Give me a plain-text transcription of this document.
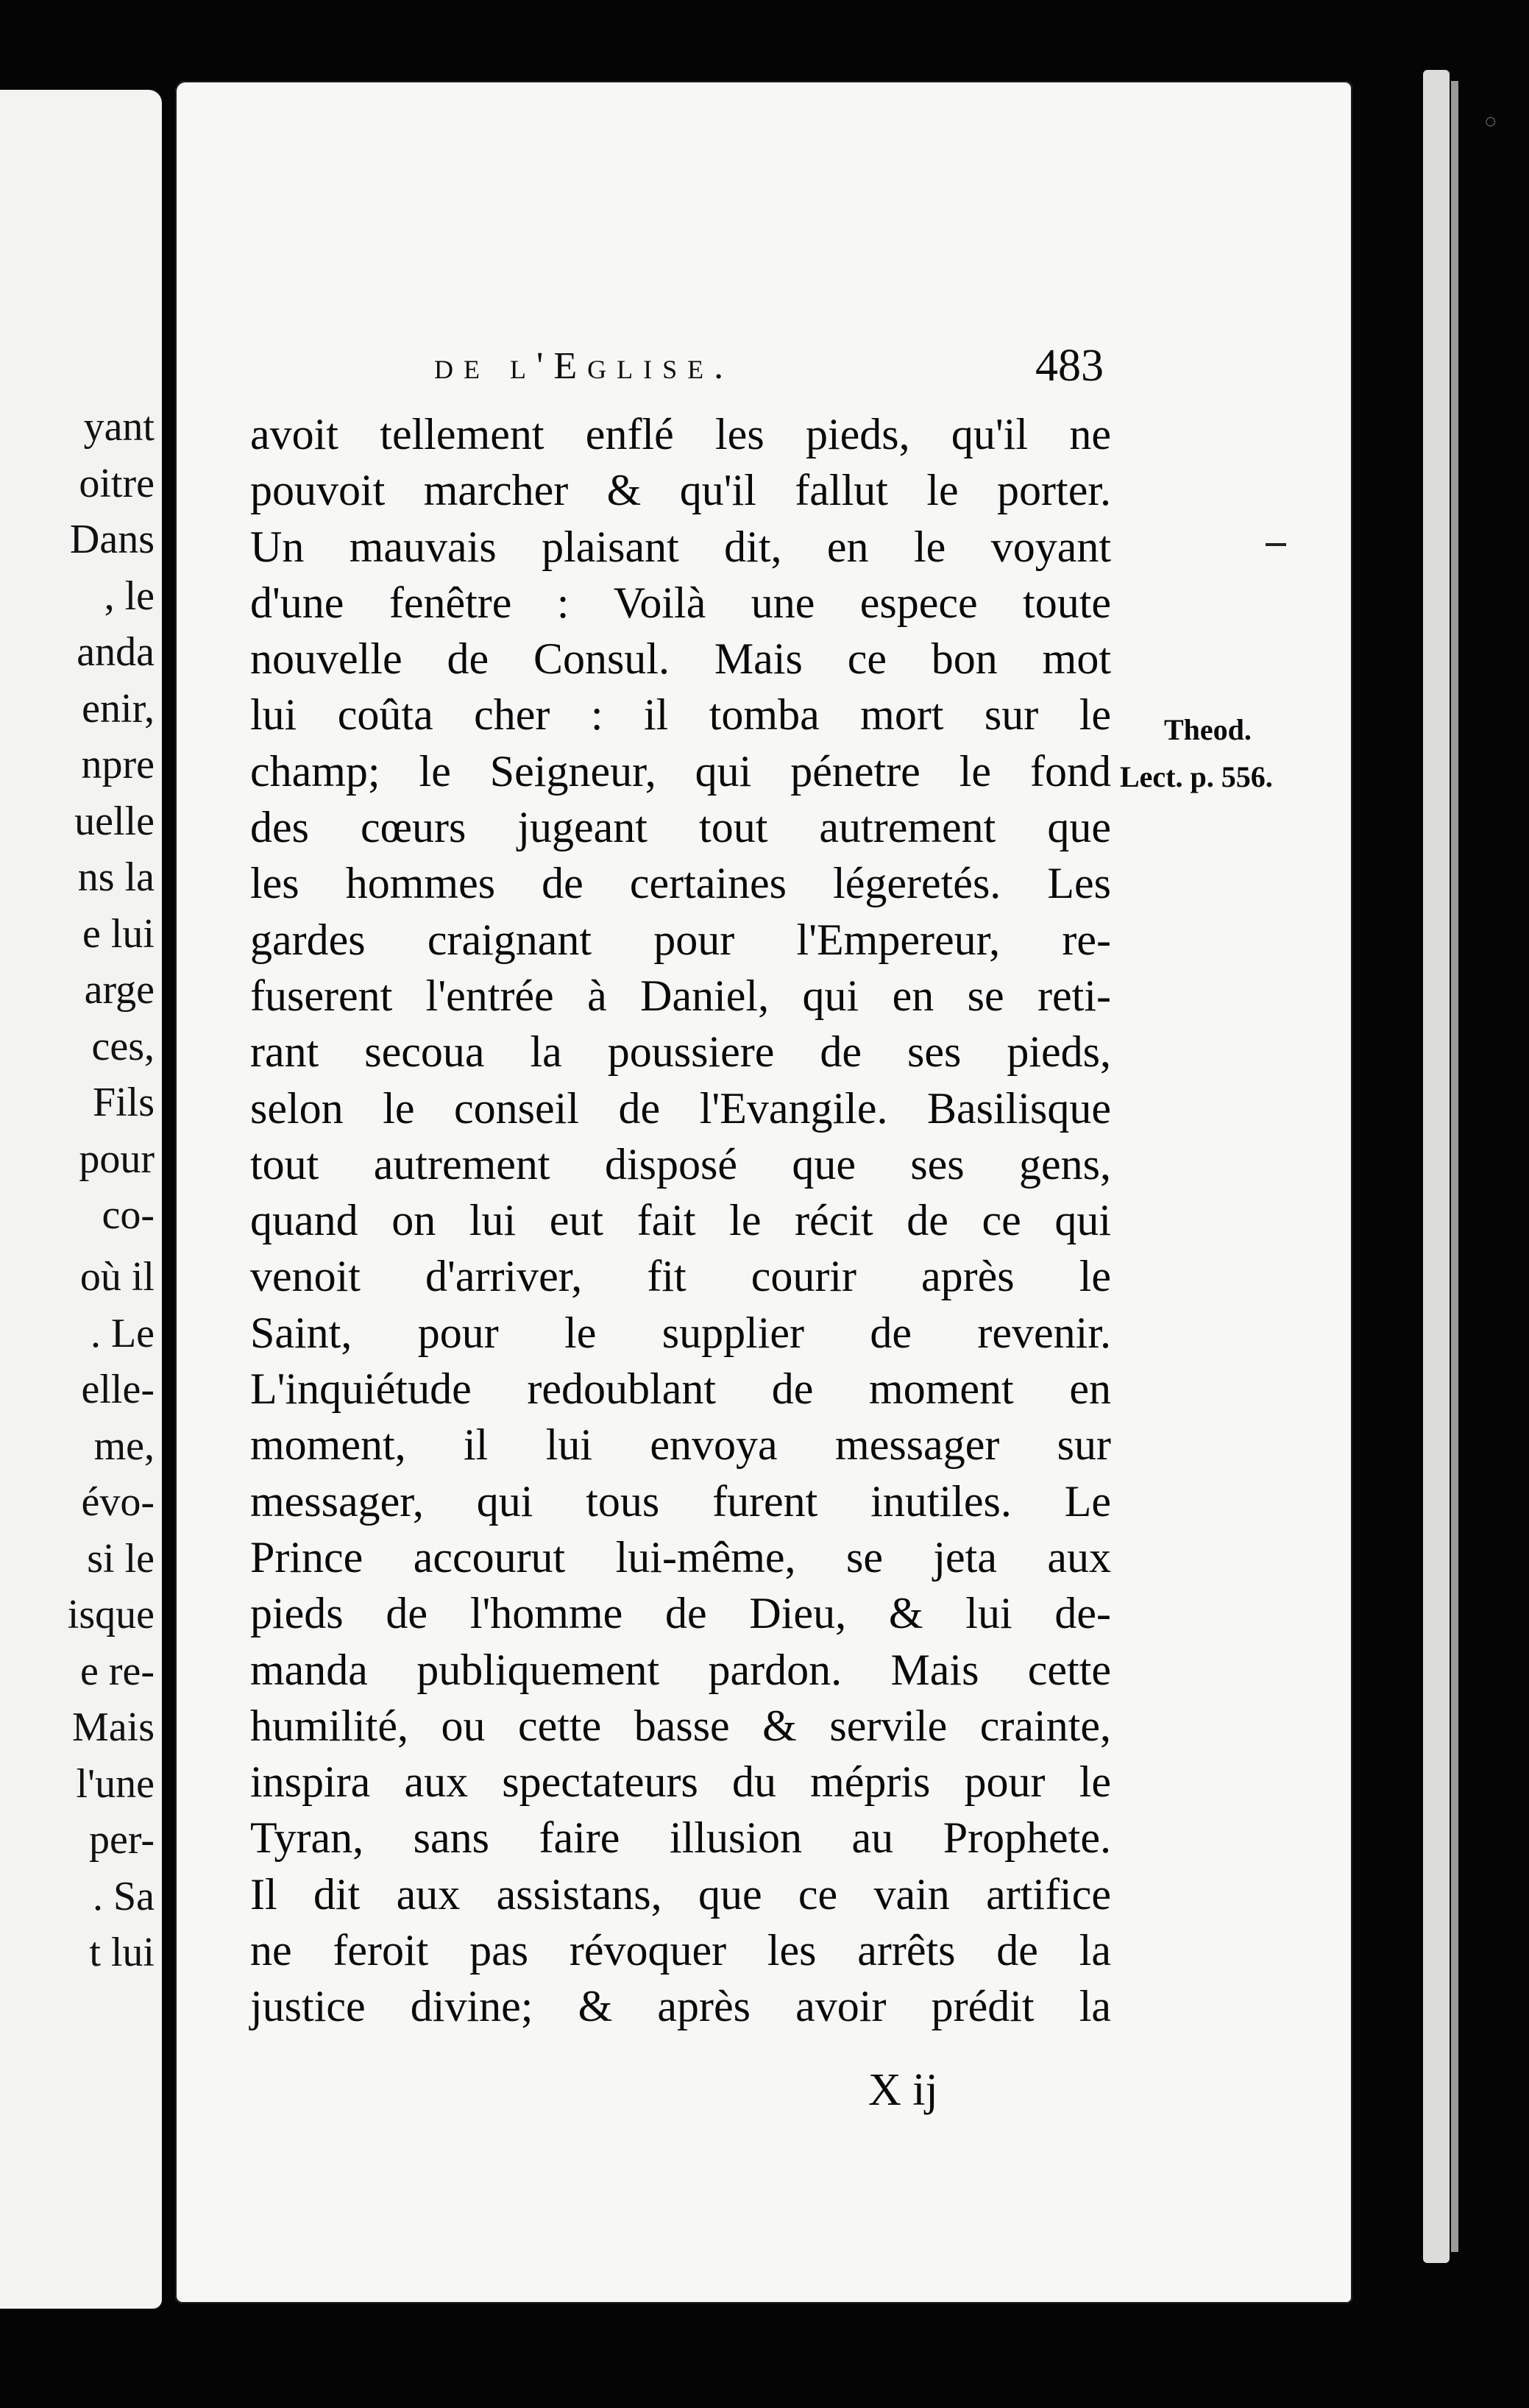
yant
oitre
Dans
, le
anda
enir,
npre
uelle
ns la
e lui
arge
ces,
Fils
pour
co-
où il
. Le
elle-
me,
évo-
si le
isque
e re-
Mais
l'une
per-
. Sa
t lui
◌
de l'Eglise.	483
avoit tellement enflé les pieds, qu'il ne
pouvoit marcher & qu'il fallut le porter.
Un mauvais plaisant dit, en le voyant
d'une fenêtre : Voilà une espece toute
nouvelle de Consul. Mais ce bon mot
lui coûta cher : il tomba mort sur le
champ; le Seigneur, qui pénetre le fond
des cœurs jugeant tout autrement que
les hommes de certaines légeretés. Les
gardes craignant pour l'Empereur, re-
fuserent l'entrée à Daniel, qui en se reti-
rant secoua la poussiere de ses pieds,
selon le conseil de l'Evangile. Basilisque
tout autrement disposé que ses gens,
quand on lui eut fait le récit de ce qui
venoit d'arriver, fit courir après le
Saint, pour le supplier de revenir.
L'inquiétude redoublant de moment en
moment, il lui envoya messager sur
messager, qui tous furent inutiles. Le
Prince accourut lui-même, se jeta aux
pieds de l'homme de Dieu, & lui de-
manda publiquement pardon. Mais cette
humilité, ou cette basse & servile crainte,
inspira aux spectateurs du mépris pour le
Tyran, sans faire illusion au Prophete.
Il dit aux assistans, que ce vain artifice
ne feroit pas révoquer les arrêts de la
justice divine; & après avoir prédit la
Theod.
Lect. p. 556.
X ij
